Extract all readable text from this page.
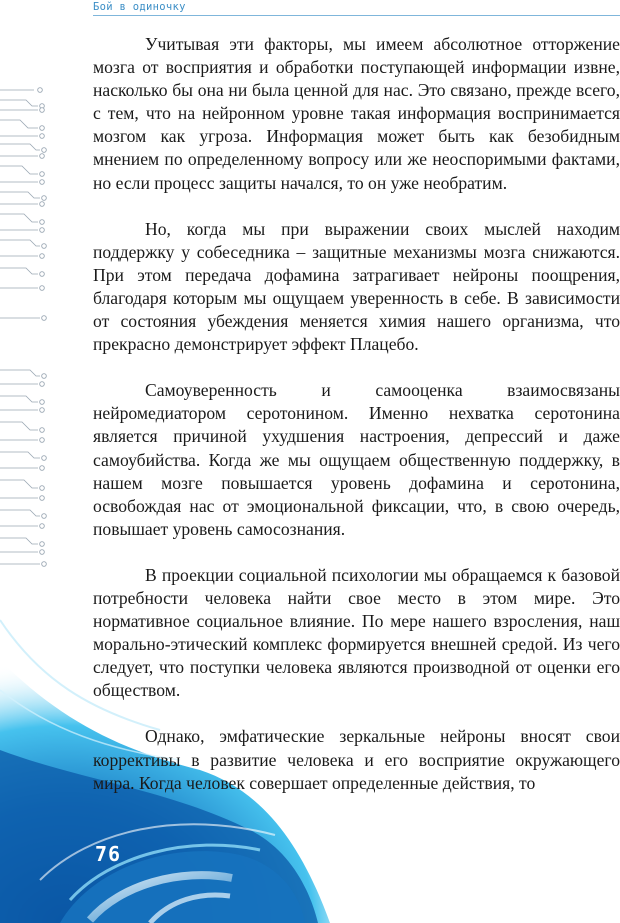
Бой в одиночку

Учитывая эти факторы, мы имеем абсолютное отторжение мозга от восприятия и обработки поступающей информации извне, насколько бы она ни была ценной для нас. Это связано, прежде всего, с тем, что на нейронном уровне такая информация воспринимается мозгом как угроза. Информация может быть как безобидным мнением по определенному вопросу или же неоспоримыми фактами, но если процесс защиты начался, то он уже необратим.

Но, когда мы при выражении своих мыслей находим поддержку у собеседника – защитные механизмы мозга снижаются. При этом передача дофамина затрагивает нейроны поощрения, благодаря которым мы ощущаем уверенность в себе. В зависимости от состояния убеждения меняется химия нашего организма, что прекрасно демонстрирует эффект Плацебо.

Самоуверенность и самооценка взаимосвязаны нейромедиатором серотонином. Именно нехватка серотонина является причиной ухудшения настроения, депрессий и даже самоубийства. Когда же мы ощущаем общественную поддержку, в нашем мозге повышается уровень дофамина и серотонина, освобождая нас от эмоциональной фиксации, что, в свою очередь, повышает уровень самосознания.

В проекции социальной психологии мы обращаемся к базовой потребности человека найти свое место в этом мире. Это нормативное социальное влияние. По мере нашего взросления, наш морально-этический комплекс формируется внешней средой. Из чего следует, что поступки человека являются производной от оценки его обществом.

Однако, эмфатические зеркальные нейроны вносят свои коррективы в развитие человека и его восприятие окружающего мира. Когда человек совершает определенные действия, то

76
